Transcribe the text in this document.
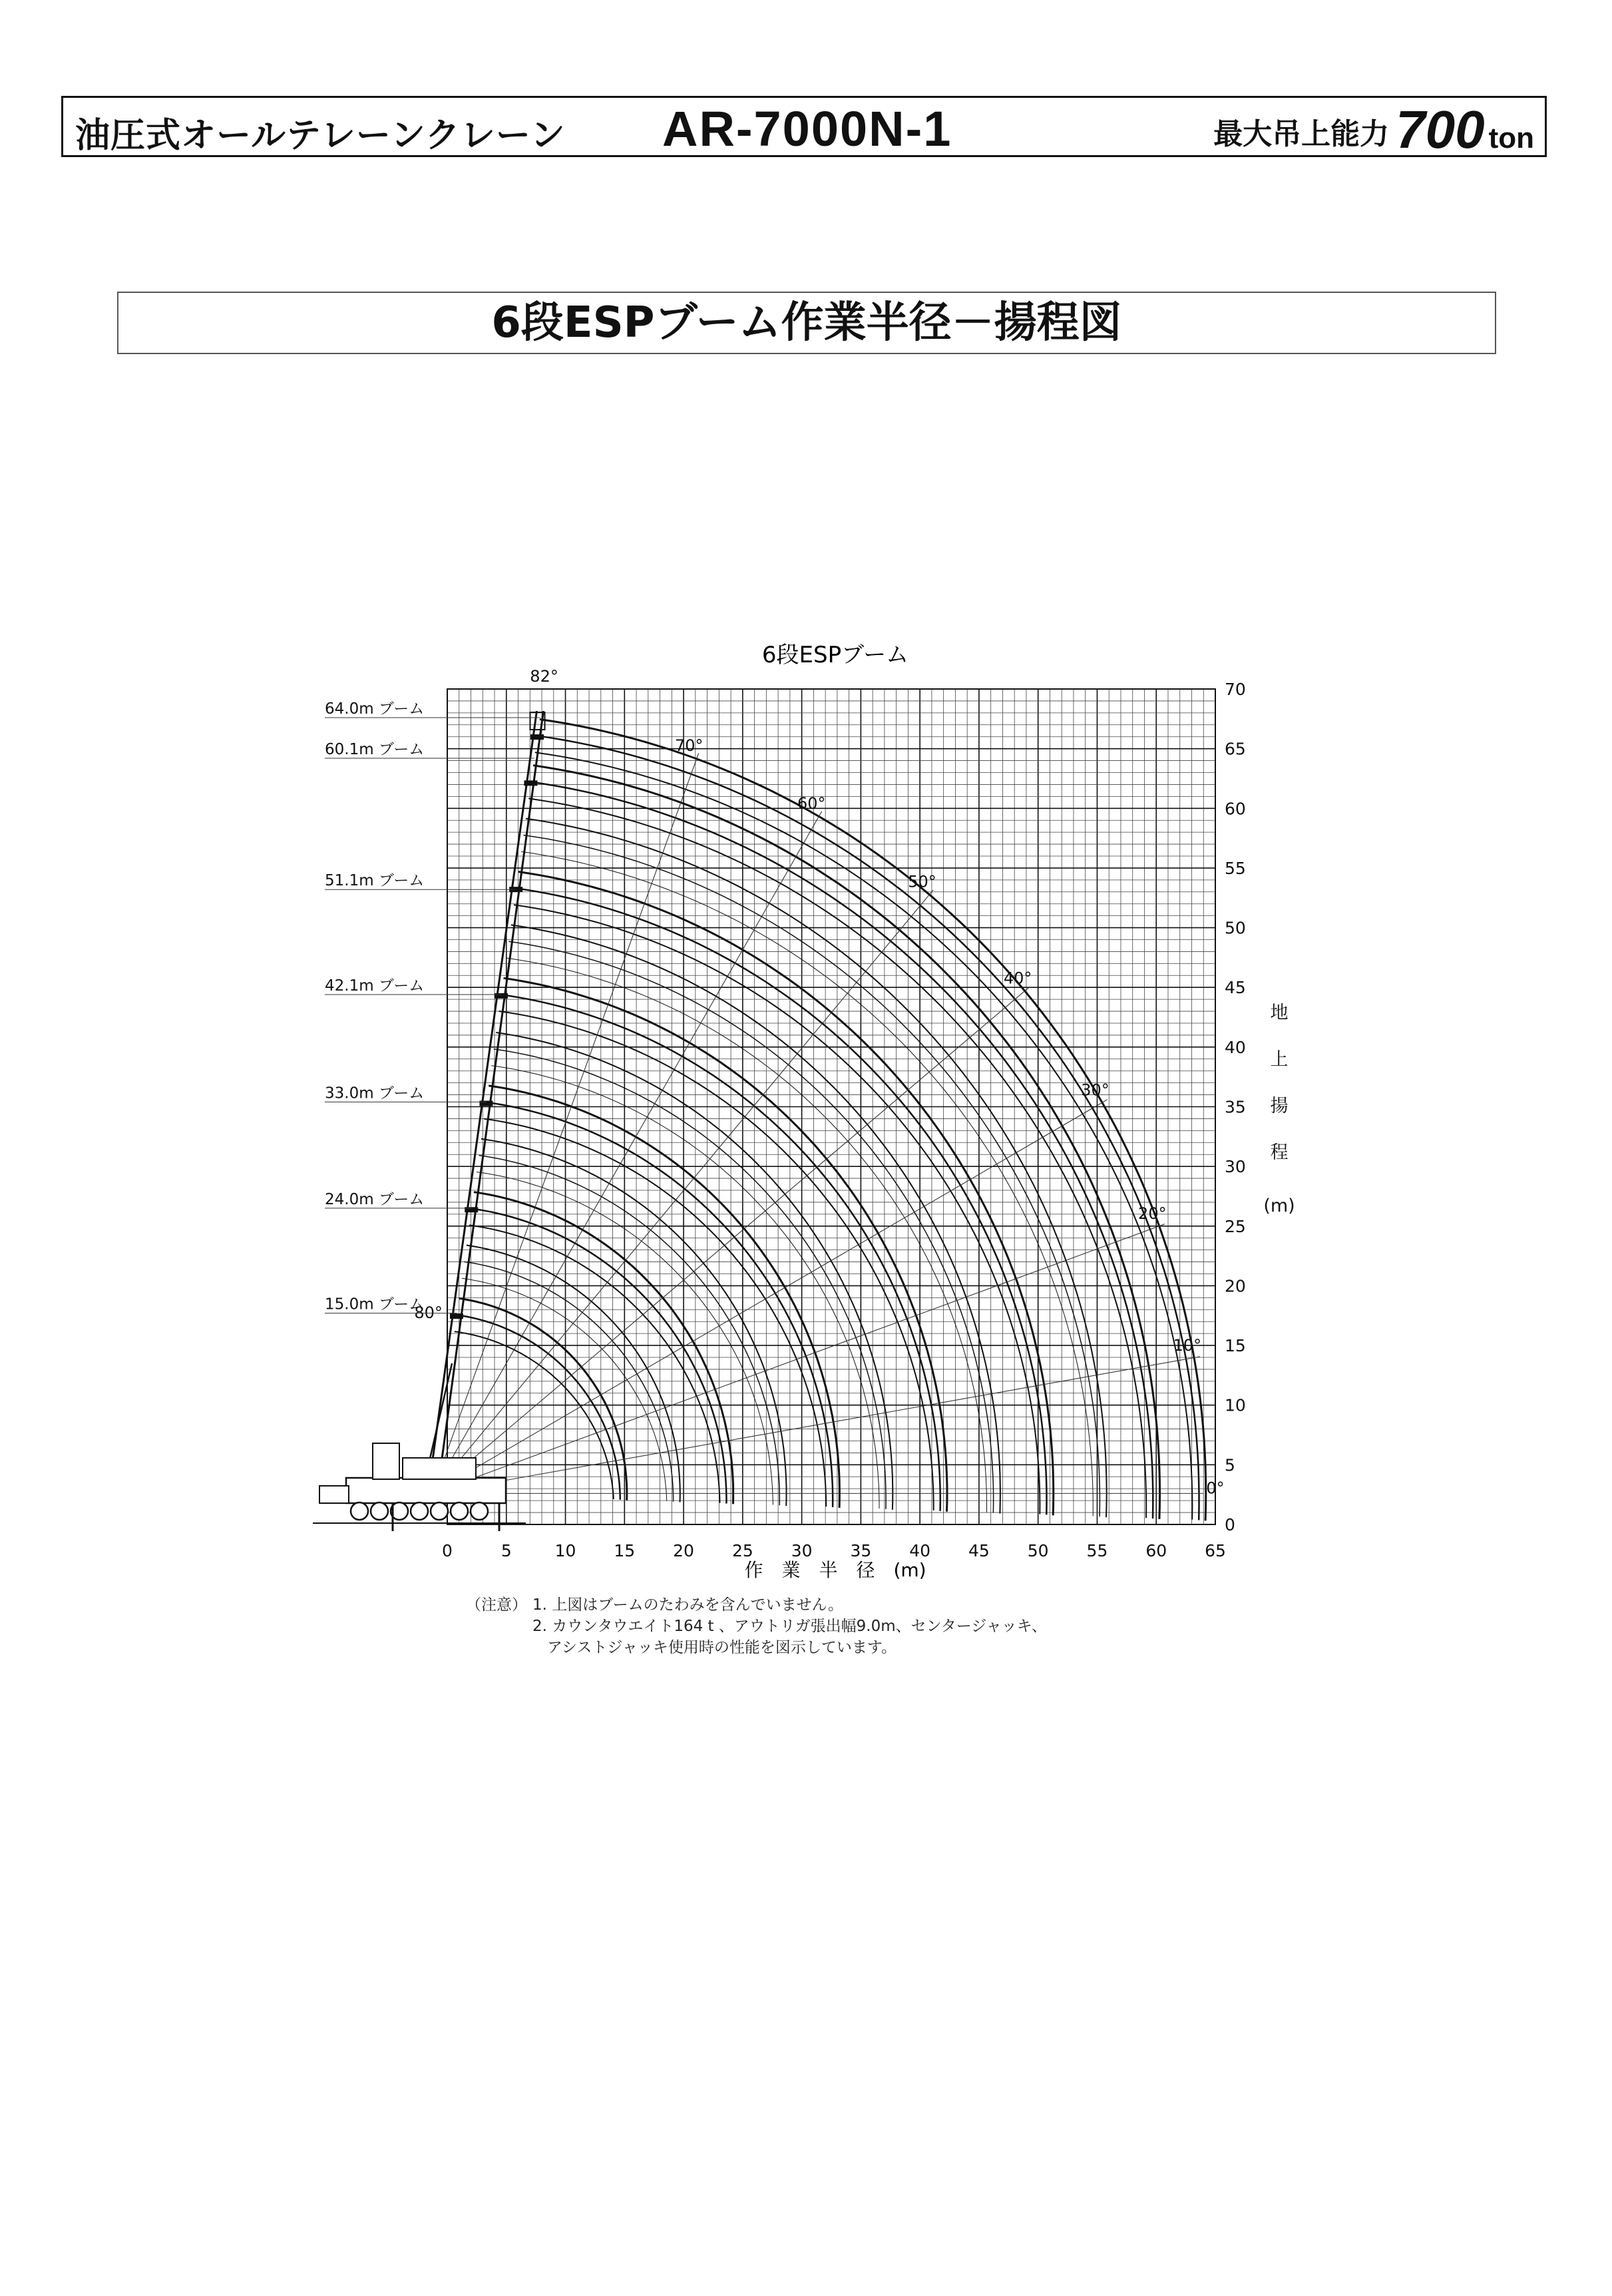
油圧式オールテレーンクレーン AR-7000N-1	最大吊上能力 700 ton
6段ESPブーム作業半径－揚程図
6段ESPブーム
0	5	10 15 20 25 30 35 40 45 50 55 60 65
0
5
10
15
20
25
30
35
40
45
50
55
60
65
70
地
上
揚
程
(m)
82°
80°
70°
60°
50°
40°
30°
20°
10°
0°
15.0m ブーム
24.0m ブーム
33.0m ブーム
42.1m ブーム
51.1m ブーム
60.1m ブーム
64.0m ブーム
作　業　半　径　(m)
（注意） 1. 上図はブームのたわみを含んでいません。
2. カウンタウエイト164 t 、アウトリガ張出幅9.0m、センタージャッキ、
アシストジャッキ使用時の性能を図示しています。
